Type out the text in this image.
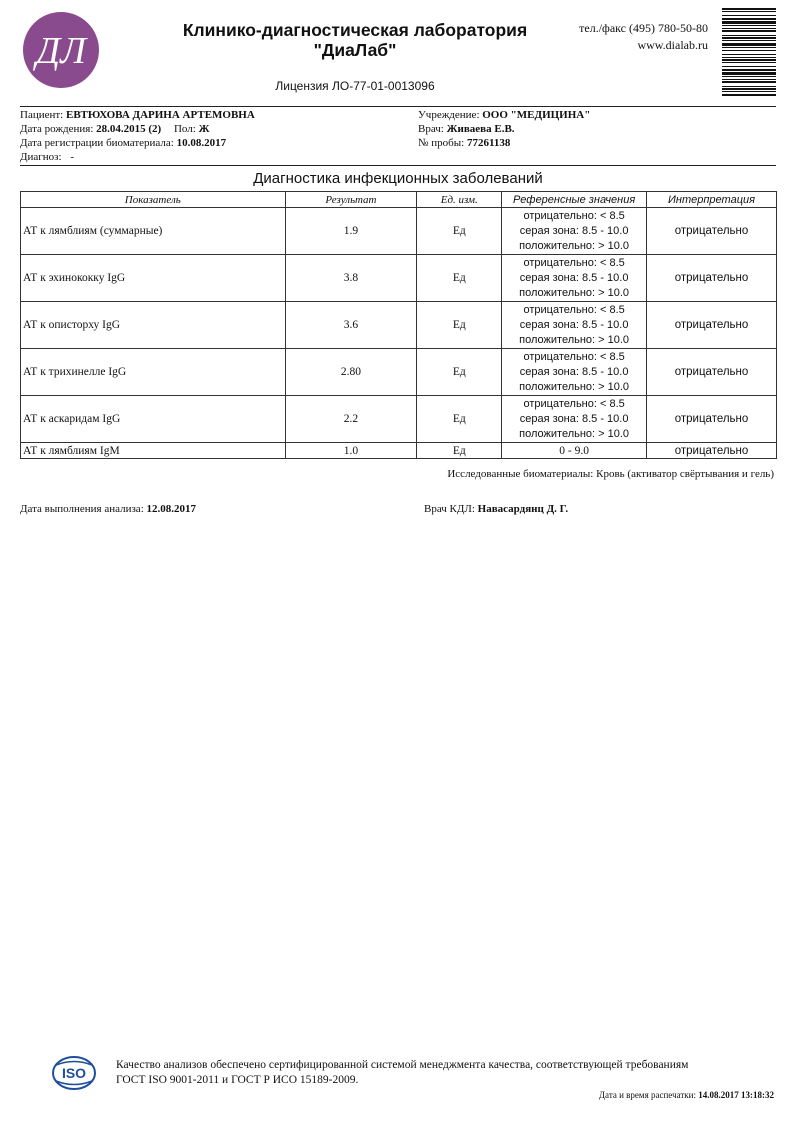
ДЛ	Клинико-диагностическая лаборатория
"ДиаЛаб"
Лицензия ЛО-77-01-0013096
тел./факс (495) 780-50-80
www.dialab.ru
Пациент: ЕВТЮХОВА ДАРИНА АРТЕМОВНА
Дата рождения: 28.04.2015 (2) Пол: Ж
Дата регистрации биоматериала: 10.08.2017
Диагноз: -
Учреждение: ООО "МЕДИЦИНА"
Врач: Живаева Е.В.
№ пробы: 77261138
Диагностика инфекционных заболеваний
Показатель	Результат	Ед. изм.	Референсные значения	Интерпретация
АТ к лямблиям (суммарные)	1.9	Ед	отрицательно: < 8.5
серая зона: 8.5 - 10.0
положительно: > 10.0	отрицательно
АТ к эхинококку IgG	3.8	Ед	отрицательно: < 8.5
серая зона: 8.5 - 10.0
положительно: > 10.0	отрицательно
АТ к описторху IgG	3.6	Ед	отрицательно: < 8.5
серая зона: 8.5 - 10.0
положительно: > 10.0	отрицательно
АТ к трихинелле IgG	2.80	Ед	отрицательно: < 8.5
серая зона: 8.5 - 10.0
положительно: > 10.0	отрицательно
АТ к аскаридам IgG	2.2	Ед	отрицательно: < 8.5
серая зона: 8.5 - 10.0
положительно: > 10.0	отрицательно
АТ к лямблиям IgM	1.0	Ед	0 - 9.0	отрицательно
Исследованные биоматериалы: Кровь (активатор свёртывания и гель)
Дата выполнения анализа: 12.08.2017	Врач КДЛ: Навасардянц Д. Г.
ISO	Качество анализов обеспечено сертифицированной системой менеджмента качества, соответствующей требованиям
ГОСТ ISO 9001-2011 и ГОСТ Р ИСО 15189-2009.
Дата и время распечатки: 14.08.2017 13:18:32
